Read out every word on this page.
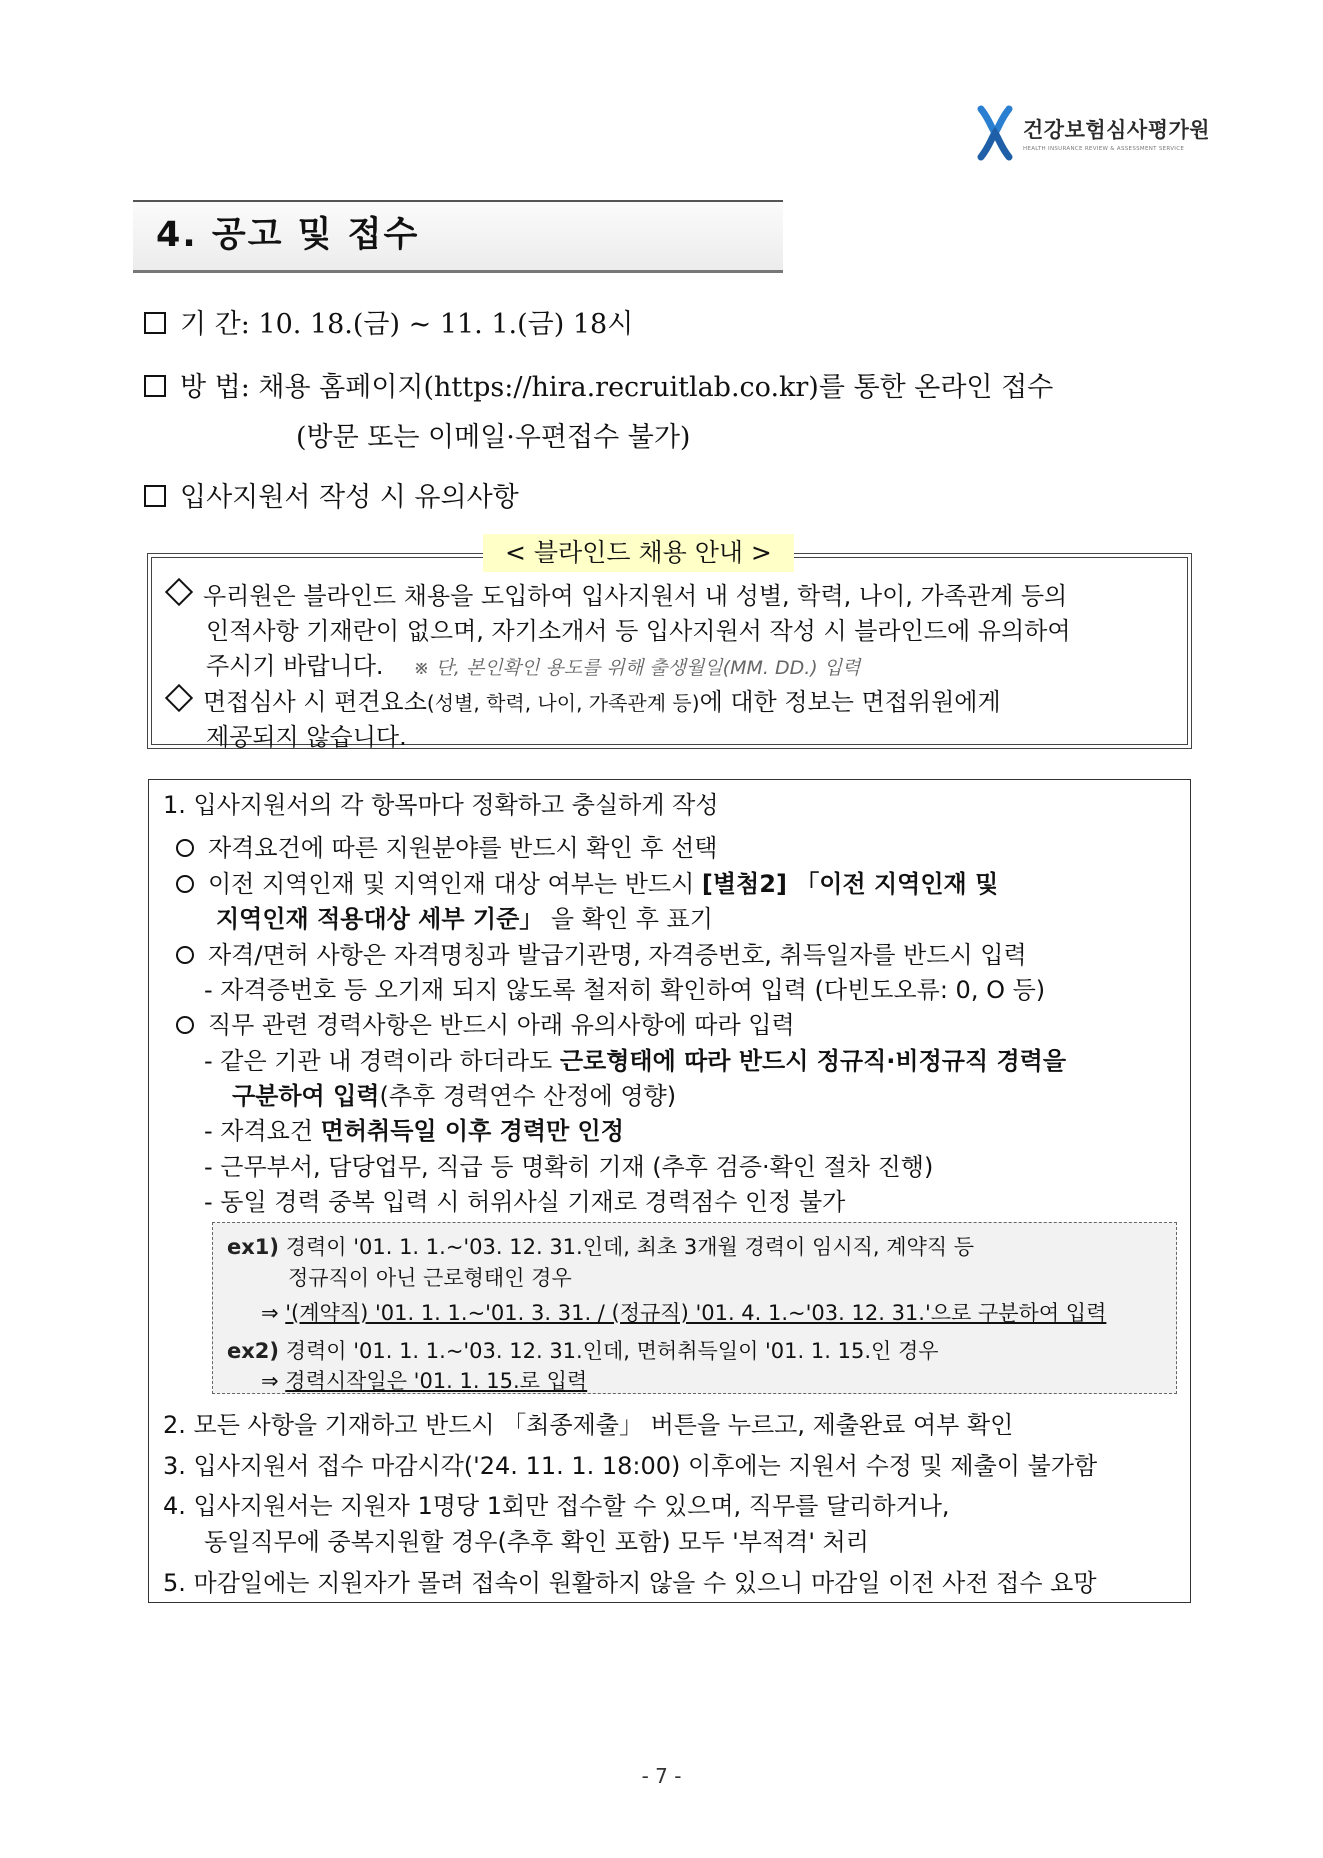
건강보험심사평가원
HEALTH INSURANCE REVIEW & ASSESSMENT SERVICE
4. 공고 및 접수
기 간: 10. 18.(금) ~ 11. 1.(금) 18시
방 법: 채용 홈페이지(https://hira.recruitlab.co.kr)를 통한 온라인 접수
(방문 또는 이메일·우편접수 불가)
입사지원서 작성 시 유의사항
< 블라인드 채용 안내 >
우리원은 블라인드 채용을 도입하여 입사지원서 내 성별, 학력, 나이, 가족관계 등의
인적사항 기재란이 없으며, 자기소개서 등 입사지원서 작성 시 블라인드에 유의하여
주시기 바랍니다. ※ 단, 본인확인 용도를 위해 출생월일(MM. DD.) 입력
면접심사 시 편견요소(성별, 학력, 나이, 가족관계 등)에 대한 정보는 면접위원에게
제공되지 않습니다.
1. 입사지원서의 각 항목마다 정확하고 충실하게 작성
자격요건에 따른 지원분야를 반드시 확인 후 선택
이전 지역인재 및 지역인재 대상 여부는 반드시 [별첨2] 「이전 지역인재 및
지역인재 적용대상 세부 기준」 을 확인 후 표기
자격/면허 사항은 자격명칭과 발급기관명, 자격증번호, 취득일자를 반드시 입력
- 자격증번호 등 오기재 되지 않도록 철저히 확인하여 입력 (다빈도오류: 0, O 등)
직무 관련 경력사항은 반드시 아래 유의사항에 따라 입력
- 같은 기관 내 경력이라 하더라도 근로형태에 따라 반드시 정규직·비정규직 경력을
구분하여 입력(추후 경력연수 산정에 영향)
- 자격요건 면허취득일 이후 경력만 인정
- 근무부서, 담당업무, 직급 등 명확히 기재 (추후 검증·확인 절차 진행)
- 동일 경력 중복 입력 시 허위사실 기재로 경력점수 인정 불가
ex1) 경력이 '01. 1. 1.~'03. 12. 31.인데, 최초 3개월 경력이 임시직, 계약직 등
정규직이 아닌 근로형태인 경우
⇒ '(계약직) '01. 1. 1.~'01. 3. 31. / (정규직) '01. 4. 1.~'03. 12. 31.'으로 구분하여 입력
ex2) 경력이 '01. 1. 1.~'03. 12. 31.인데, 면허취득일이 '01. 1. 15.인 경우
⇒ 경력시작일은 '01. 1. 15.로 입력
2. 모든 사항을 기재하고 반드시 「최종제출」 버튼을 누르고, 제출완료 여부 확인
3. 입사지원서 접수 마감시각('24. 11. 1. 18:00) 이후에는 지원서 수정 및 제출이 불가함
4. 입사지원서는 지원자 1명당 1회만 접수할 수 있으며, 직무를 달리하거나,
동일직무에 중복지원할 경우(추후 확인 포함) 모두 '부적격' 처리
5. 마감일에는 지원자가 몰려 접속이 원활하지 않을 수 있으니 마감일 이전 사전 접수 요망
- 7 -
